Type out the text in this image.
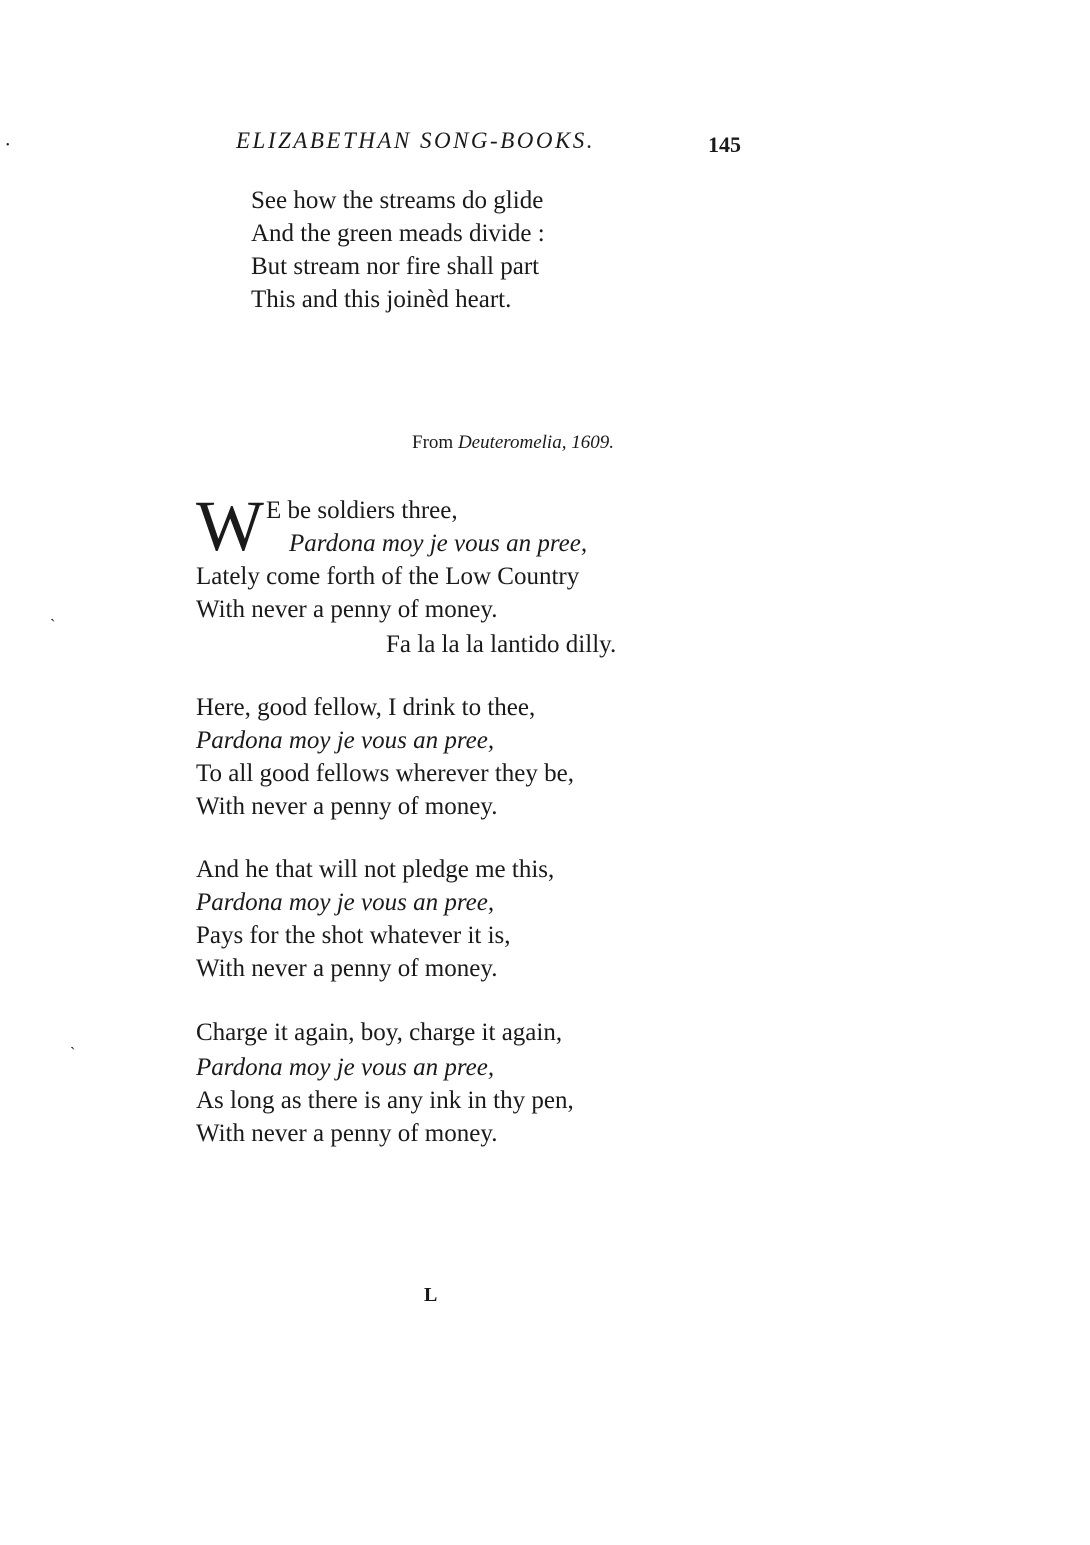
•	ELIZABETHAN SONG-BOOKS.	145
See how the streams do glide
And the green meads divide :
But stream nor fire shall part
This and this joinèd heart.
From Deuteromelia, 1609.
W E be soldiers three,
Pardona moy je vous an pree,
Lately come forth of the Low Country
With never a penny of money.
Fa la la la lantido dilly.
ˏ
Here, good fellow, I drink to thee,
Pardona moy je vous an pree,
To all good fellows wherever they be,
With never a penny of money.
And he that will not pledge me this,
Pardona moy je vous an pree,
Pays for the shot whatever it is,
With never a penny of money.
ˎ	Charge it again, boy, charge it again,
Pardona moy je vous an pree,
As long as there is any ink in thy pen,
With never a penny of money.
L
